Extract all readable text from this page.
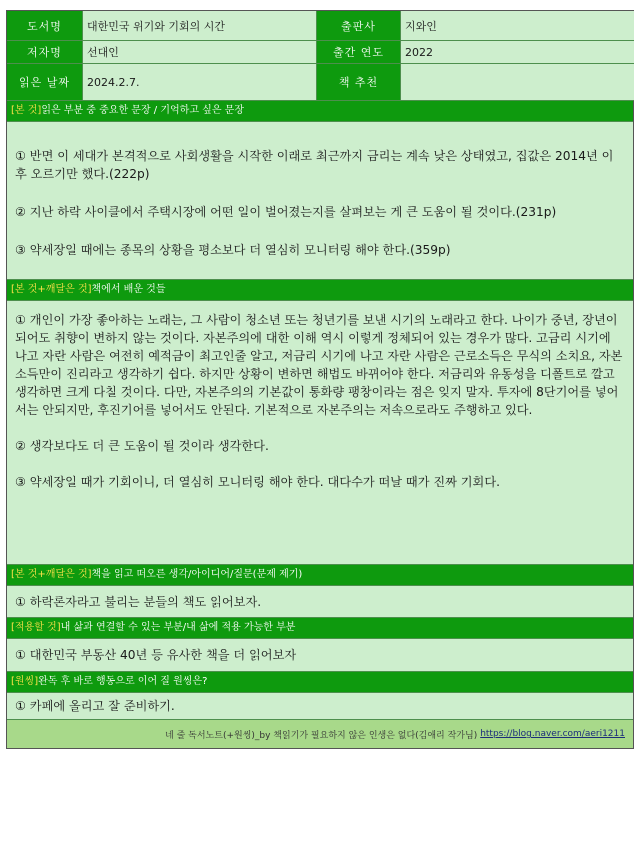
도서명	대한민국 위기와 기회의 시간	출판사	지와인
저자명	선대인	출간 연도	2022
읽은 날짜	2024.2.7.	책 추천
[본 것]읽은 부분 중 중요한 문장 / 기억하고 싶은 문장

① 반면 이 세대가 본격적으로 사회생활을 시작한 이래로 최근까지 금리는 계속 낮은 상태였고, 집값은 2014년 이후 오르기만 했다.(222p)

② 지난 하락 사이클에서 주택시장에 어떤 일이 벌어졌는지를 살펴보는 게 큰 도움이 될 것이다.(231p)

③ 약세장일 때에는 종목의 상황을 평소보다 더 열심히 모니터링 해야 한다.(359p)

[본 것+깨달은 것]책에서 배운 것들

① 개인이 가장 좋아하는 노래는, 그 사람이 청소년 또는 청년기를 보낸 시기의 노래라고 한다. 나이가 중년, 장년이 되어도 취향이 변하지 않는 것이다. 자본주의에 대한 이해 역시 이렇게 정체되어 있는 경우가 많다. 고금리 시기에 나고 자란 사람은 여전히 예적금이 최고인줄 알고, 저금리 시기에 나고 자란 사람은 근로소득은 무식의 소치요, 자본소득만이 진리라고 생각하기 쉽다. 하지만 상황이 변하면 해법도 바뀌어야 한다. 저금리와 유동성을 디폴트로 깔고 생각하면 크게 다칠 것이다. 다만, 자본주의의 기본값이 통화량 팽창이라는 점은 잊지 말자. 투자에 8단기어를 넣어서는 안되지만, 후진기어를 넣어서도 안된다. 기본적으로 자본주의는 저속으로라도 주행하고 있다.

② 생각보다도 더 큰 도움이 될 것이라 생각한다.

③ 약세장일 때가 기회이니, 더 열심히 모니터링 해야 한다. 대다수가 떠날 때가 진짜 기회다.

[본 것+깨달은 것]책을 읽고 떠오른 생각/아이디어/질문(문제 제기)

① 하락론자라고 불리는 분들의 책도 읽어보자.

[적용할 것]내 삶과 연결할 수 있는 부분/내 삶에 적용 가능한 부분

① 대한민국 부동산 40년 등 유사한 책을 더 읽어보자

[원씽]완독 후 바로 행동으로 이어 질 원씽은?

① 카페에 올리고 잘 준비하기.

네 줄 독서노트(+원씽)_by 책읽기가 필요하지 않은 인생은 없다(김애리 작가님) https://blog.naver.com/aeri1211
